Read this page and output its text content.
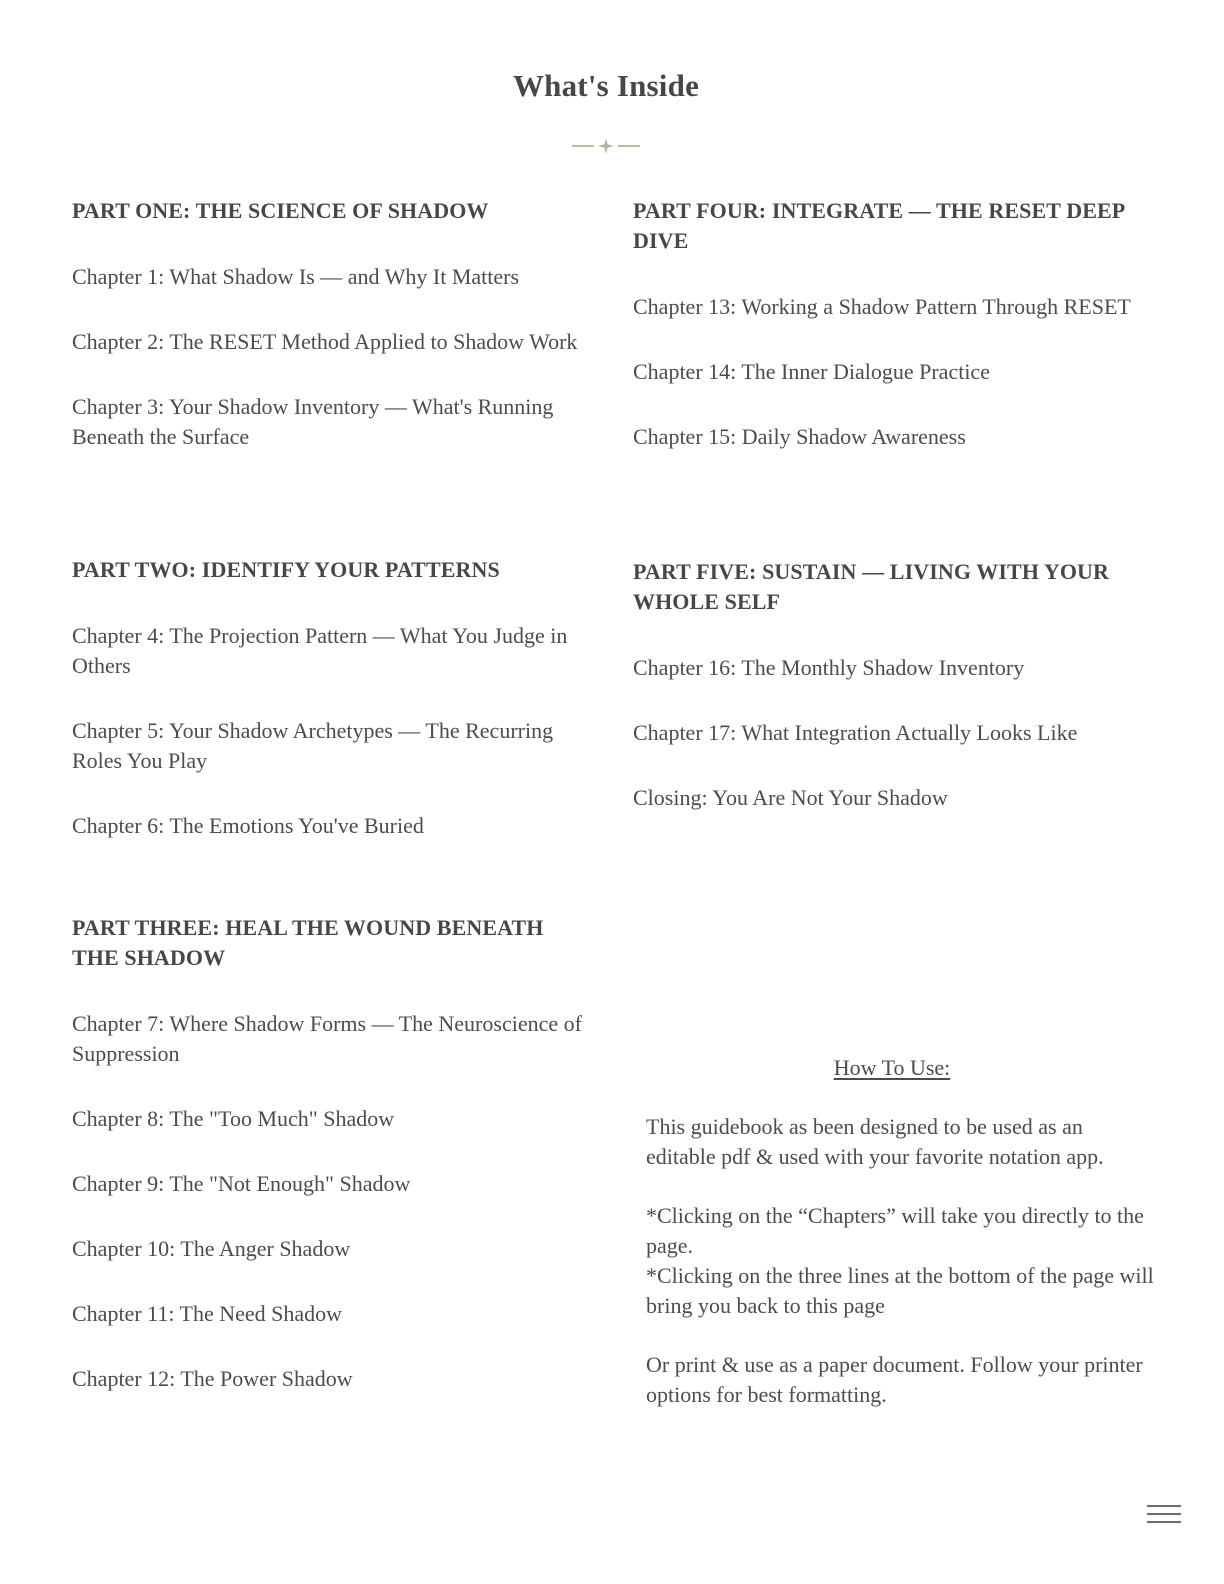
What's Inside
PART ONE: THE SCIENCE OF SHADOW
Chapter 1: What Shadow Is — and Why It Matters
Chapter 2: The RESET Method Applied to Shadow Work
Chapter 3: Your Shadow Inventory — What's Running Beneath the Surface
PART TWO: IDENTIFY YOUR PATTERNS
Chapter 4: The Projection Pattern — What You Judge in Others
Chapter 5: Your Shadow Archetypes — The Recurring Roles You Play
Chapter 6: The Emotions You've Buried
PART THREE: HEAL THE WOUND BENEATH THE SHADOW
Chapter 7: Where Shadow Forms — The Neuroscience of Suppression
Chapter 8: The "Too Much" Shadow
Chapter 9: The "Not Enough" Shadow
Chapter 10: The Anger Shadow
Chapter 11: The Need Shadow
Chapter 12: The Power Shadow
PART FOUR: INTEGRATE — THE RESET DEEP DIVE
Chapter 13: Working a Shadow Pattern Through RESET
Chapter 14: The Inner Dialogue Practice
Chapter 15: Daily Shadow Awareness
PART FIVE: SUSTAIN — LIVING WITH YOUR WHOLE SELF
Chapter 16: The Monthly Shadow Inventory
Chapter 17: What Integration Actually Looks Like
Closing: You Are Not Your Shadow
How To Use:

This guidebook as been designed to be used as an editable pdf & used with your favorite notation app.

*Clicking on the “Chapters” will take you directly to the page.
*Clicking on the three lines at the bottom of the page will bring you back to this page

Or print & use as a paper document. Follow your printer options for best formatting.
